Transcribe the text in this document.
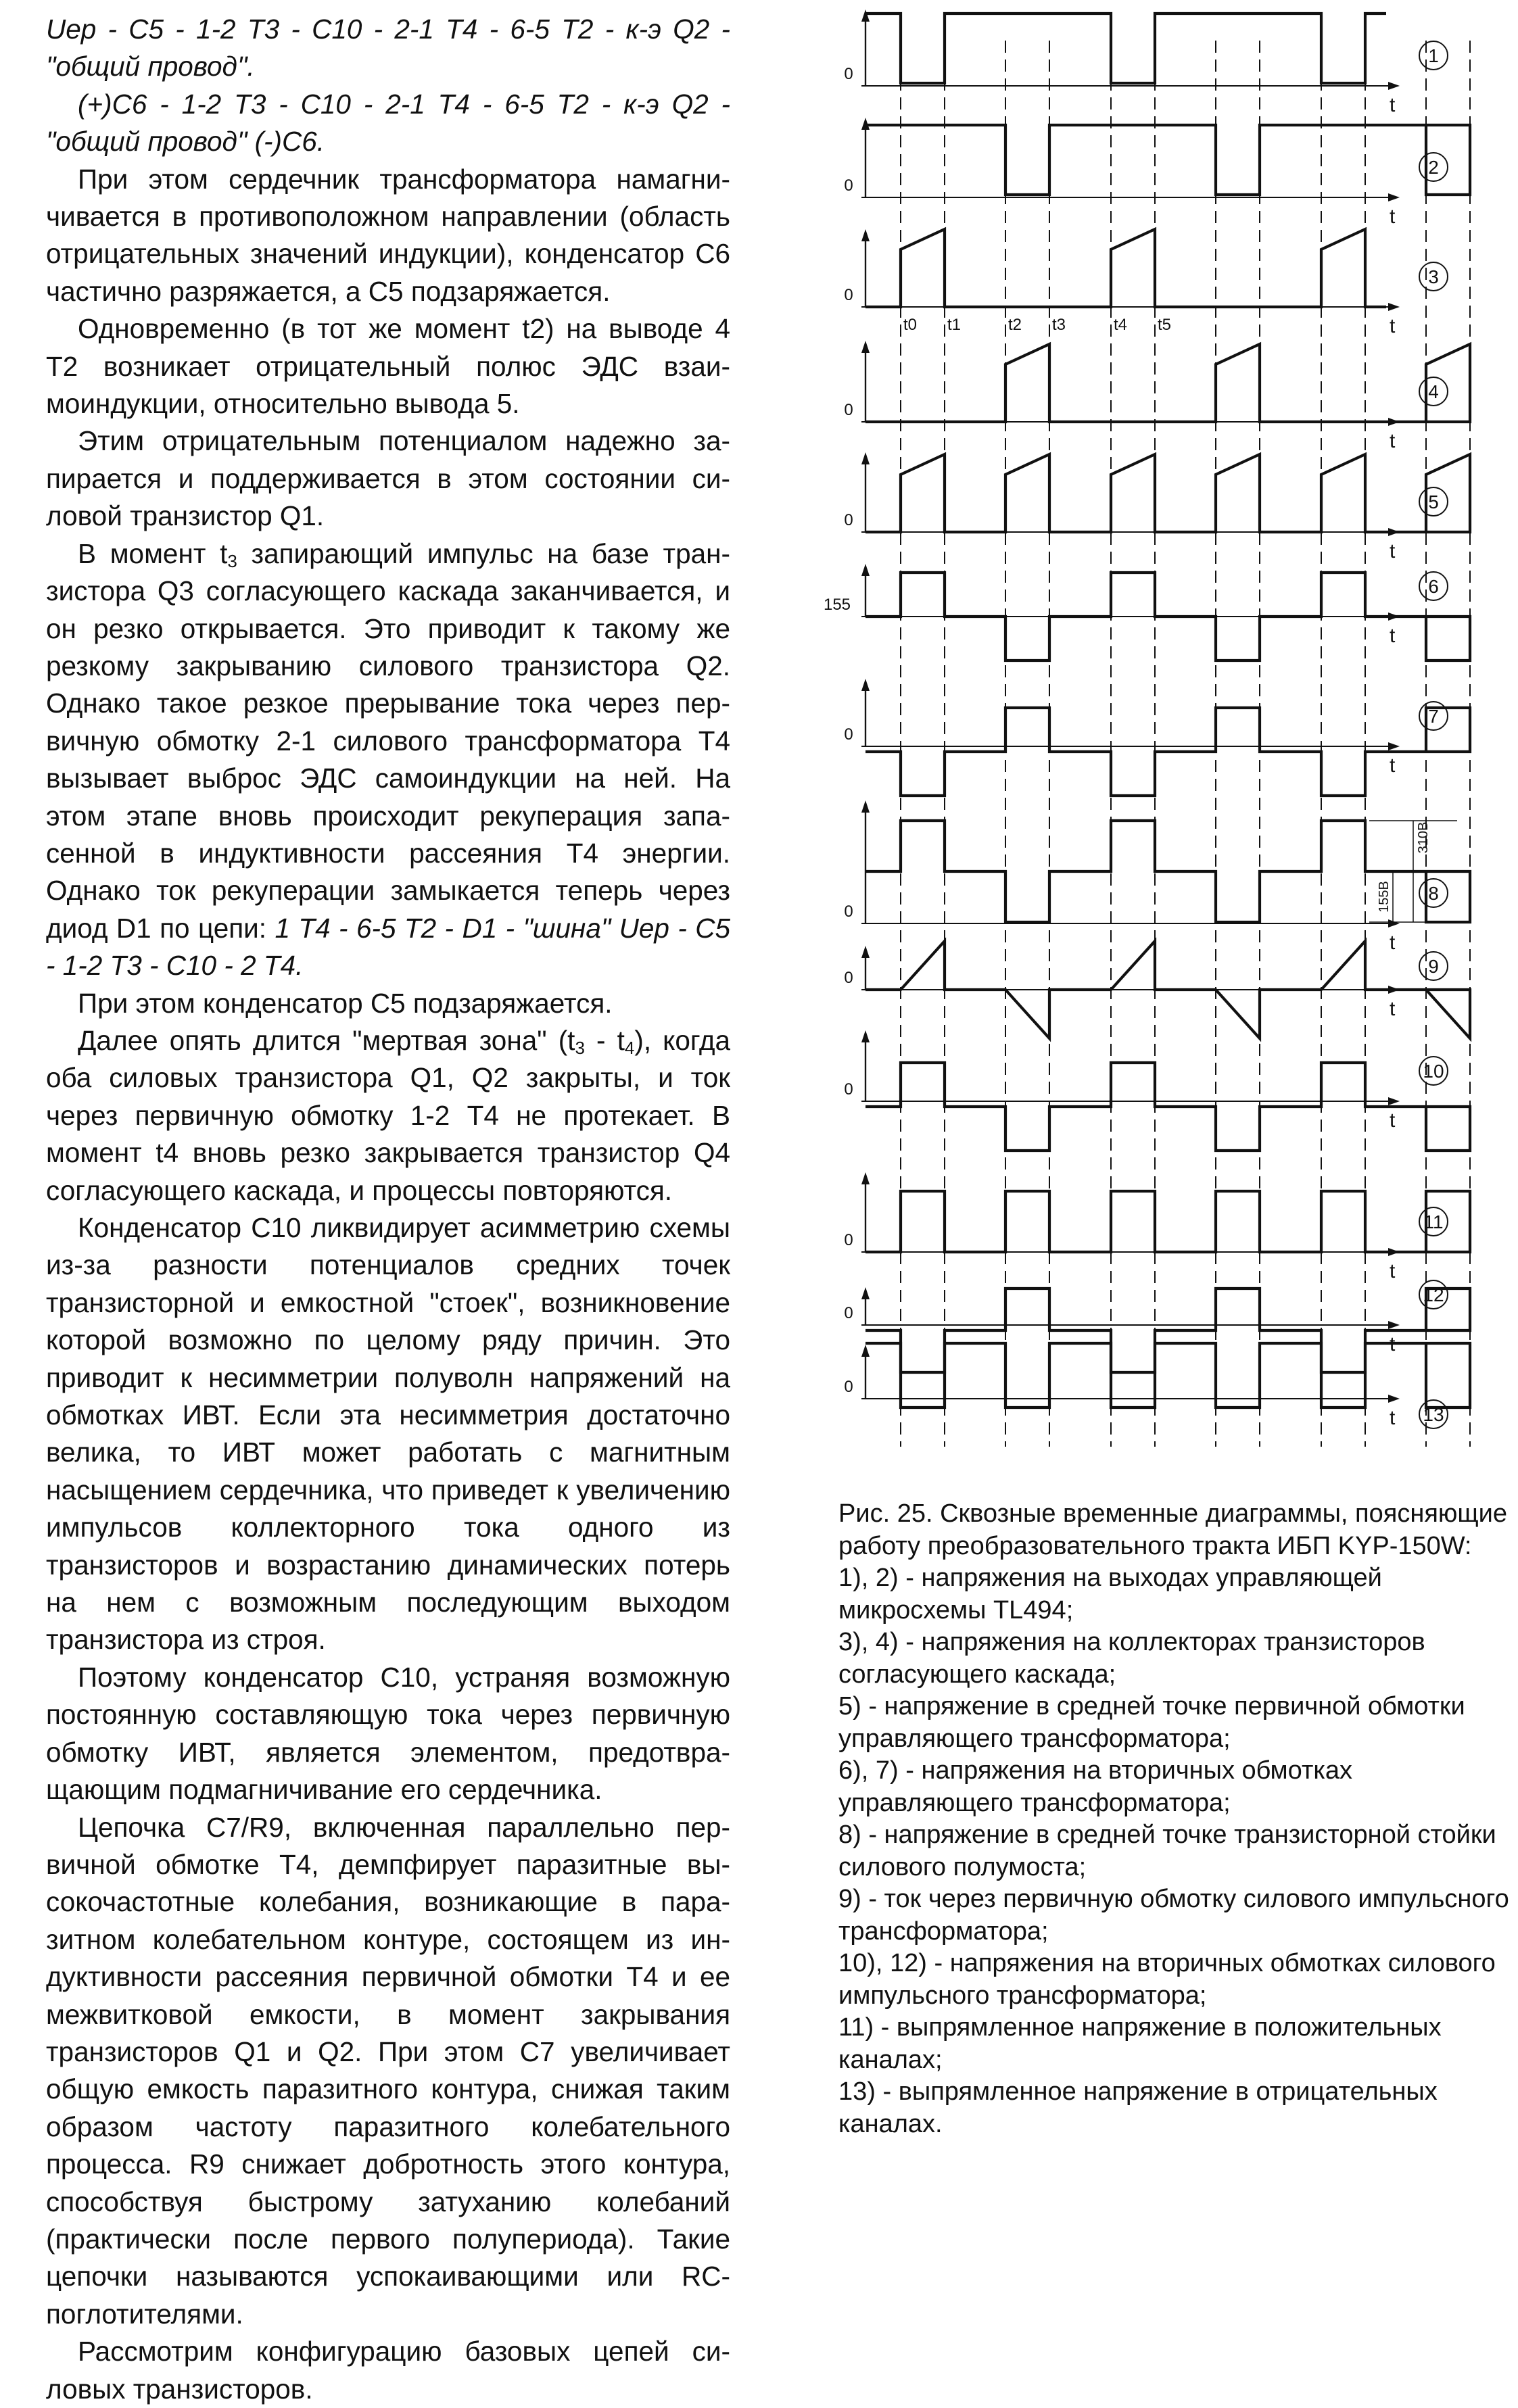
Uер - С5 - 1-2 Т3 - С10 - 2-1 Т4 - 6-5 Т2 - к-э Q2 - "общий провод".

(+)С6 - 1-2 Т3 - С10 - 2-1 Т4 - 6-5 Т2 - к-э Q2 - "общий провод" (-)С6.

При этом сердечник трансформатора намагничивается в противоположном направлении (область отрицательных значений индукции), конденсатор С6 частично разряжается, а С5 подзаряжается.

Одновременно (в тот же момент t2) на выводе 4 Т2 возникает отрицательный полюс ЭДС взаимоиндукции, относительно вывода 5.

Этим отрицательным потенциалом надежно запирается и поддерживается в этом состоянии силовой транзистор Q1.

В момент $t_3$ запирающий импульс на базе транзистора Q3 согласующего каскада заканчивается, и он резко открывается. Это приводит к такому же резкому закрыванию силового транзистора Q2. Однако такое резкое прерывание тока через первичную обмотку 2-1 силового трансформатора Т4 вызывает выброс ЭДС самоиндукции на ней. На этом этапе вновь происходит рекуперация запасенной в индуктивности рассеяния Т4 энергии. Однако ток рекуперации замыкается теперь через диод D1 по цепи: 1 Т4 - 6-5 Т2 - D1 - "шина" Uер - С5 - 1-2 Т3 - С10 - 2 Т4.

При этом конденсатор С5 подзаряжается.

Далее опять длится "мертвая зона" $(t_3 - t_4)$, когда оба силовых транзистора Q1, Q2 закрыты, и ток через первичную обмотку 1-2 Т4 не протекает. В момент t4 вновь резко закрывается транзистор Q4 согласующего каскада, и процессы повторяются.

Конденсатор С10 ликвидирует асимметрию схемы из-за разности потенциалов средних точек транзисторной и емкостной "стоек", возникновение которой возможно по целому ряду причин. Это приводит к несимметрии полуволн напряжений на обмотках ИВТ. Если эта несимметрия достаточно велика, то ИВТ может работать с магнитным насыщением сердечника, что приведет к увеличению импульсов коллекторного тока одного из транзисторов и возрастанию динамических потерь на нем с возможным последующим выходом транзистора из строя.

Поэтому конденсатор С10, устраняя возможную постоянную составляющую тока через первичную обмотку ИВТ, является элементом, предотвращающим подмагничивание его сердечника.

Цепочка С7/R9, включенная параллельно первичной обмотке Т4, демпфирует паразитные высокочастотные колебания, возникающие в паразитном колебательном контуре, состоящем из индуктивности рассеяния первичной обмотки Т4 и ее межвитковой емкости, в момент закрывания транзисторов Q1 и Q2. При этом С7 увеличивает общую емкость паразитного контура, снижая таким образом частоту паразитного колебательного процесса. R9 снижает добротность этого контура, способствуя быстрому затуханию колебаний (практически после первого полупериода). Такие цепочки называются успокаивающими или RC-поглотителями.

Рассмотрим конфигурацию базовых цепей силовых транзисторов.

t0 t1	t2 t3	t4 t5
t
0
1
t
0
2
t
0
3
t
0
4
t
0
5
t
155
6
t
0
7
t
0
8
t
0
9
t
0
10
t
0
11
t
0
12
t
0
13
155В
310В
Рис. 25. Сквозные временные диаграммы, поясняющие работу преобразовательного тракта ИБП KYP-150W:
1), 2) - напряжения на выходах управляющей микросхемы TL494;
3), 4) - напряжения на коллекторах транзисторов согласующего каскада;
5) - напряжение в средней точке первичной обмотки управляющего трансформатора;
6), 7) - напряжения на вторичных обмотках управляющего трансформатора;
8) - напряжение в средней точке транзисторной стойки силового полумоста;
9) - ток через первичную обмотку силового импульсного трансформатора;
10), 12) - напряжения на вторичных обмотках силового импульсного трансформатора;
11) - выпрямленное напряжение в положительных каналах;
13) - выпрямленное напряжение в отрицательных каналах.
